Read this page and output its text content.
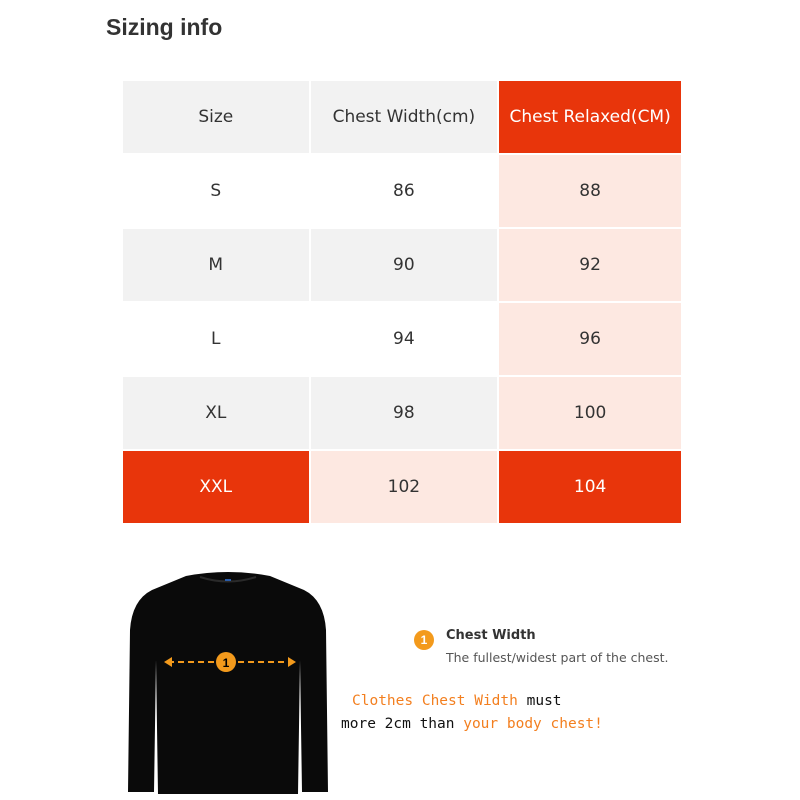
Sizing info
Size	Chest Width(cm)	Chest Relaxed(CM)
S	86	88
M	90	92
L	94	96
XL	98	100
XXL	102	104
1
1	Chest Width
The fullest/widest part of the chest.
Clothes Chest Width must
more 2cm than your body chest!
